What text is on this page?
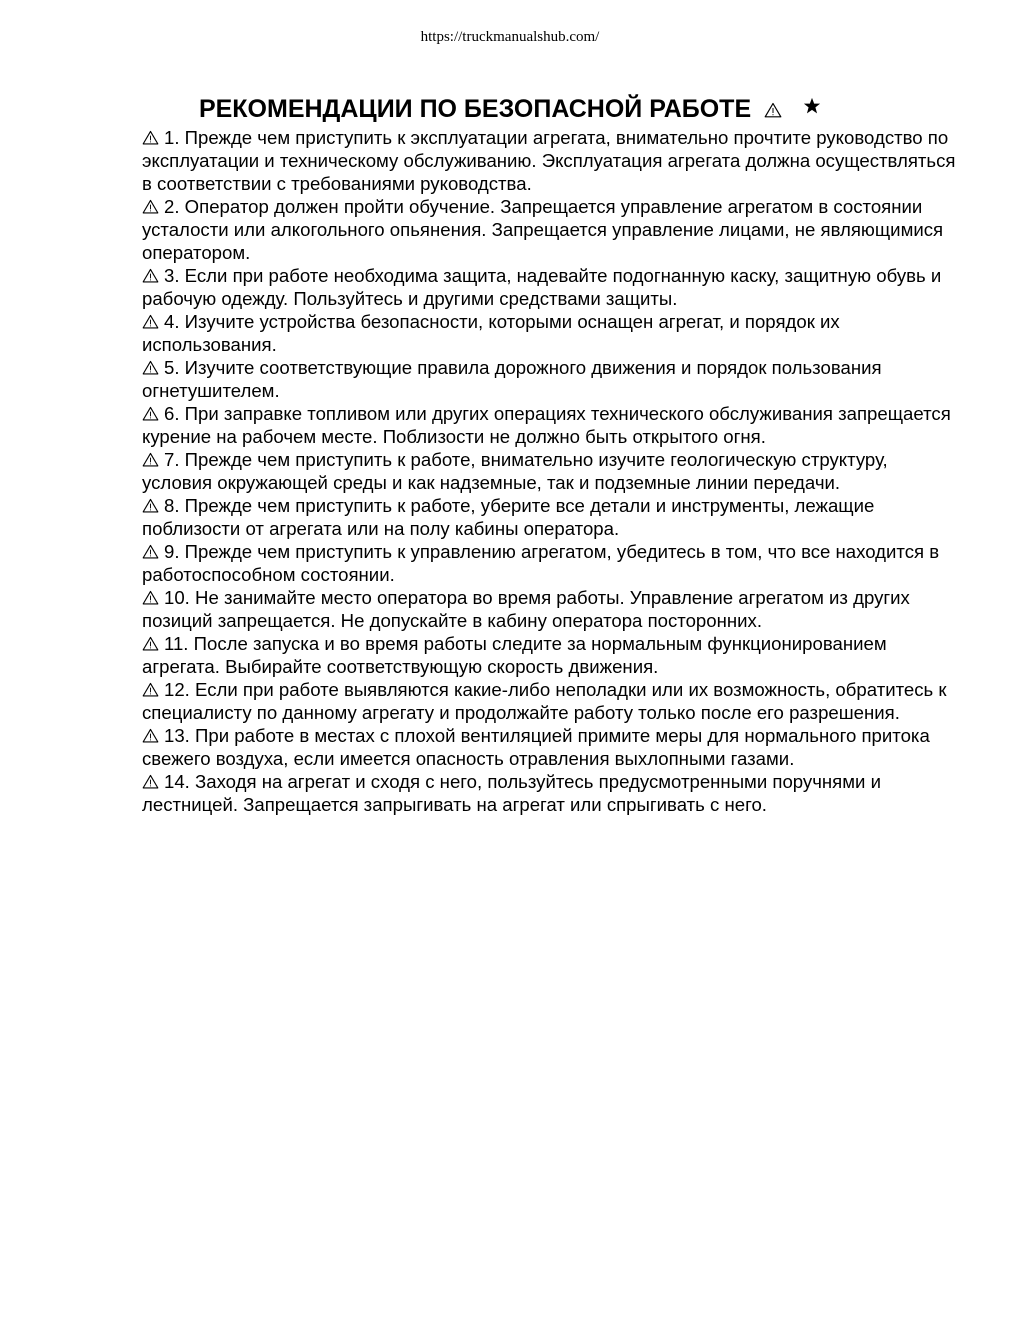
https://truckmanualshub.com/
РЕКОМЕНДАЦИИ ПО БЕЗОПАСНОЙ РАБОТЕ
1. Прежде чем приступить к эксплуатации агрегата, внимательно прочтите руководство по эксплуатации и техническому обслуживанию. Эксплуатация агрегата должна осуществляться в соответствии с требованиями руководства.
2. Оператор должен пройти обучение. Запрещается управление агрегатом в состоянии усталости или алкогольного опьянения. Запрещается управление лицами, не являющимися оператором.
3. Если при работе необходима защита, надевайте подогнанную каску, защитную обувь и рабочую одежду. Пользуйтесь и другими средствами защиты.
4. Изучите устройства безопасности, которыми оснащен агрегат, и порядок их использования.
5. Изучите соответствующие правила дорожного движения и порядок пользования огнетушителем.
6. При заправке топливом или других операциях технического обслуживания запрещается курение на рабочем месте. Поблизости не должно быть открытого огня.
7. Прежде чем приступить к работе, внимательно изучите геологическую структуру, условия окружающей среды и как надземные, так и подземные линии передачи.
8. Прежде чем приступить к работе, уберите все детали и инструменты, лежащие поблизости от агрегата или на полу кабины оператора.
9. Прежде чем приступить к управлению агрегатом, убедитесь в том, что все находится в работоспособном состоянии.
10. Не занимайте место оператора во время работы. Управление агрегатом из других позиций запрещается. Не допускайте в кабину оператора посторонних.
11. После запуска и во время работы следите за нормальным функционированием агрегата. Выбирайте соответствующую скорость движения.
12. Если при работе выявляются какие-либо неполадки или их возможность, обратитесь к специалисту по данному агрегату и продолжайте работу только после его разрешения.
13. При работе в местах с плохой вентиляцией примите меры для нормального притока свежего воздуха, если имеется опасность отравления выхлопными газами.
14. Заходя на агрегат и сходя с него, пользуйтесь предусмотренными поручнями и лестницей. Запрещается запрыгивать на агрегат или спрыгивать с него.
